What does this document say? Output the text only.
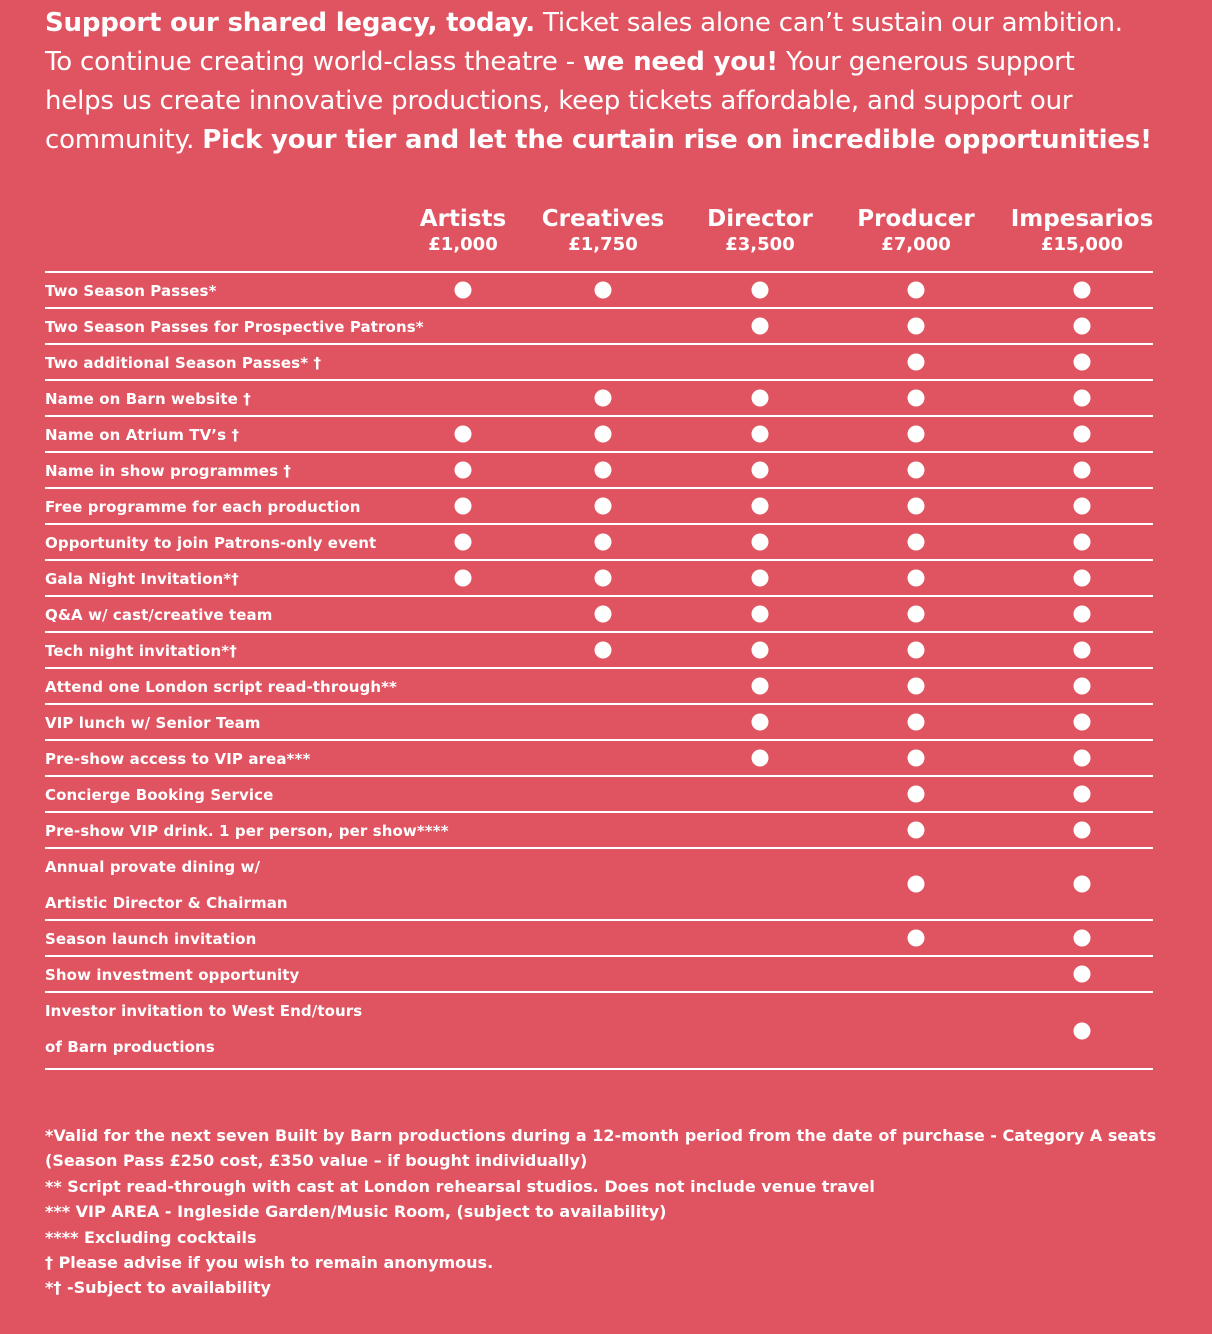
Support our shared legacy, today. Ticket sales alone can’t sustain our ambition.
To continue creating world-class theatre - we need you! Your generous support
helps us create innovative productions, keep tickets affordable, and support our
community. Pick your tier and let the curtain rise on incredible opportunities!
Artists
£1,000
Creatives
£1,750
Director
£3,500
Producer
£7,000
Impesarios
£15,000
Two Season Passes*
Two Season Passes for Prospective Patrons*
Two additional Season Passes* †
Name on Barn website †
Name on Atrium TV’s †
Name in show programmes †
Free programme for each production
Opportunity to join Patrons-only event
Gala Night Invitation*†
Q&A w/ cast/creative team
Tech night invitation*†
Attend one London script read-through**
VIP lunch w/ Senior Team
Pre-show access to VIP area***
Concierge Booking Service
Pre-show VIP drink. 1 per person, per show****
Annual provate dining w/
Artistic Director & Chairman
Season launch invitation
Show investment opportunity
Investor invitation to West End/tours
of Barn productions
*Valid for the next seven Built by Barn productions during a 12-month period from the date of purchase - Category A seats
(Season Pass £250 cost, £350 value – if bought individually)
** Script read-through with cast at London rehearsal studios. Does not include venue travel
*** VIP AREA - Ingleside Garden/Music Room, (subject to availability)
**** Excluding cocktails
† Please advise if you wish to remain anonymous.
*† -Subject to availability
